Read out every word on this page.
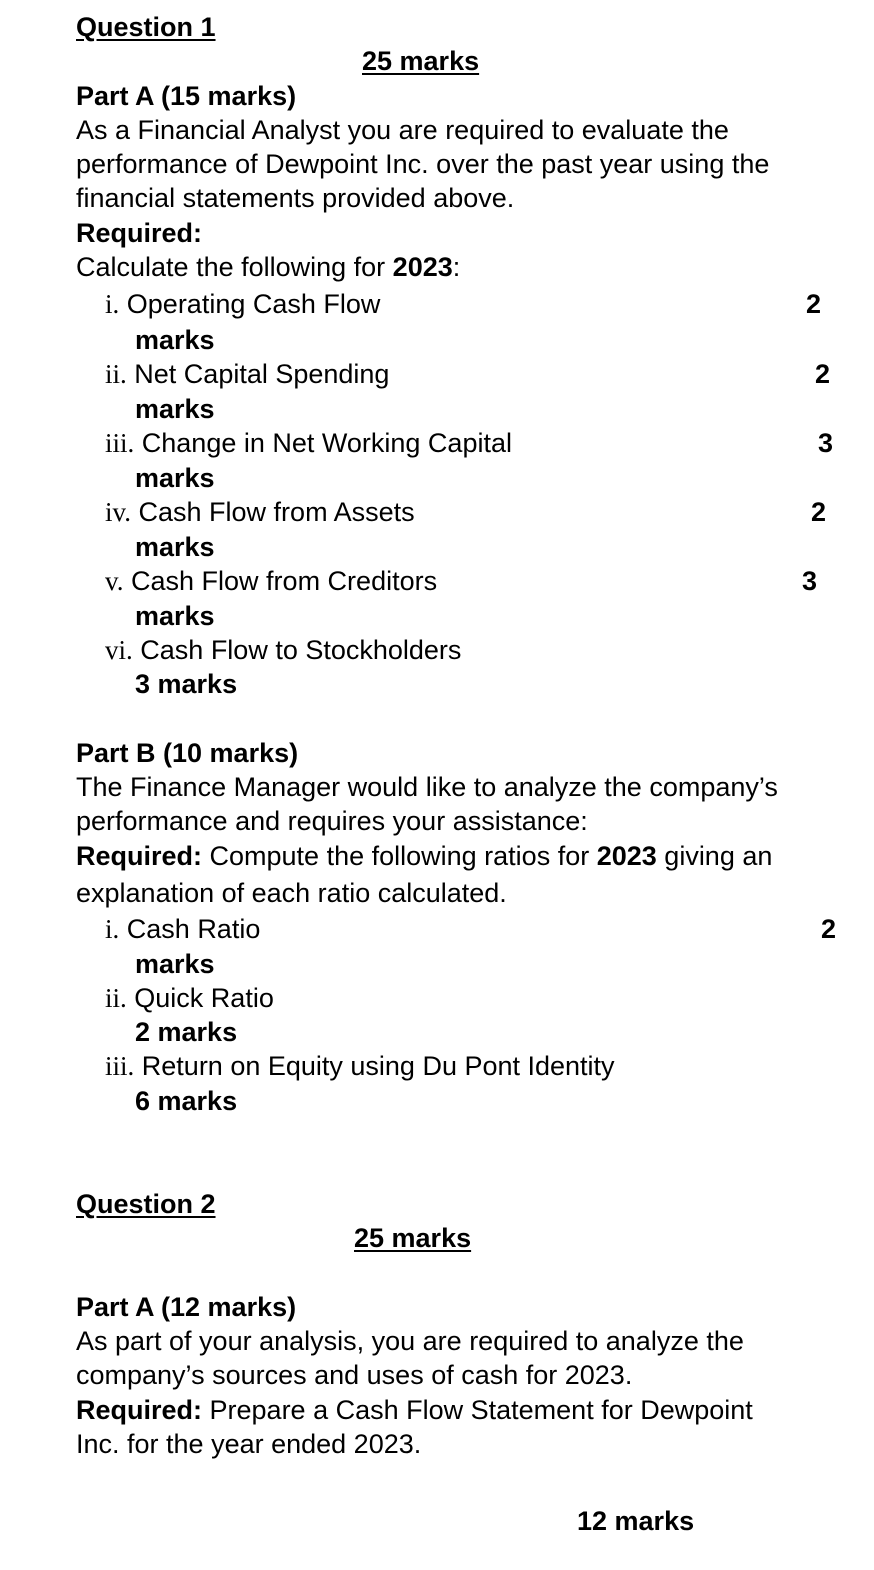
Question 1
25 marks
Part A (15 marks)
As a Financial Analyst you are required to evaluate the
performance of Dewpoint Inc. over the past year using the
financial statements provided above.
Required:
Calculate the following for 2023:
i. Operating Cash Flow	2
marks
ii. Net Capital Spending	2
marks
iii. Change in Net Working Capital	3
marks
iv. Cash Flow from Assets	2
marks
v. Cash Flow from Creditors	3
marks
vi. Cash Flow to Stockholders
3 marks
Part B (10 marks)
The Finance Manager would like to analyze the company’s
performance and requires your assistance:
Required: Compute the following ratios for 2023 giving an
explanation of each ratio calculated.
i. Cash Ratio	2
marks
ii. Quick Ratio
2 marks
iii. Return on Equity using Du Pont Identity
6 marks
Question 2
25 marks
Part A (12 marks)
As part of your analysis, you are required to analyze the
company’s sources and uses of cash for 2023.
Required: Prepare a Cash Flow Statement for Dewpoint
Inc. for the year ended 2023.
12 marks
